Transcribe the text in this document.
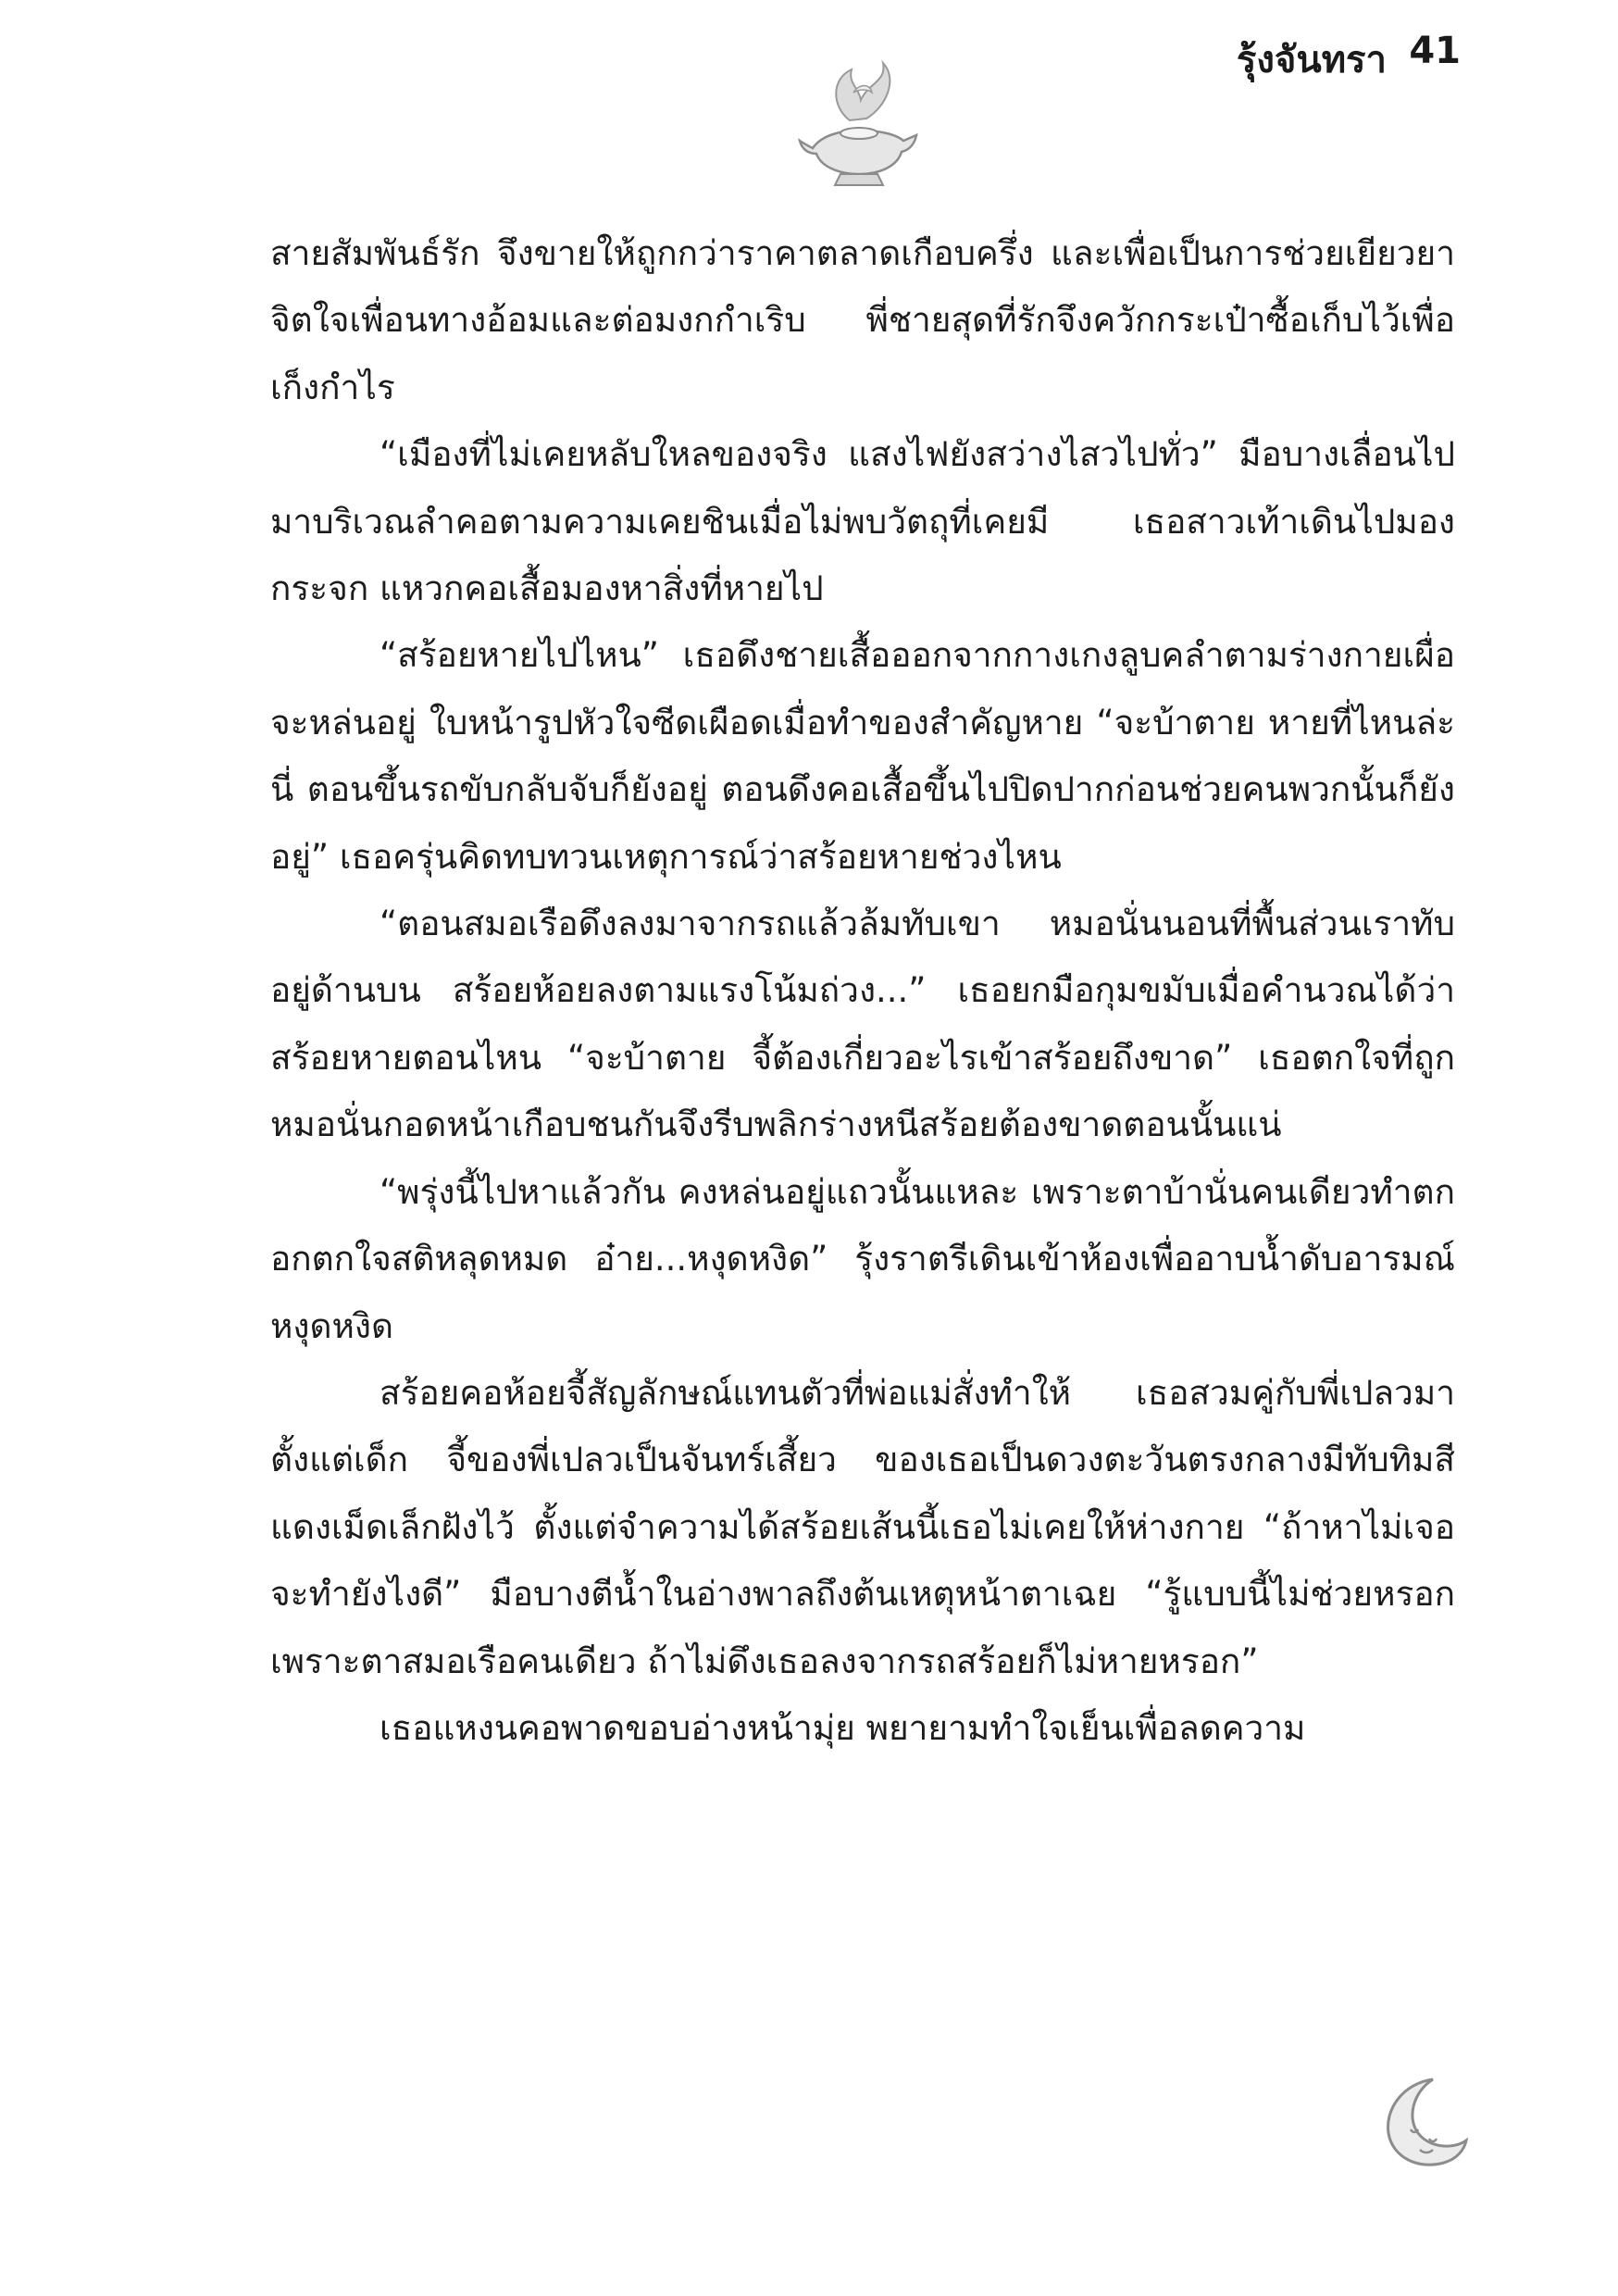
สายสัมพันธ์รัก จึงขายให้ถูกกว่าราคาตลาดเกือบครึ่ง และเพื่อเป็นการช่วยเยียวยาจิตใจเพื่อนทางอ้อมและต่อมงกกำเริบ พี่ชายสุดที่รักจึงควักกระเป๋าซื้อเก็บไว้เพื่อเก็งกำไร

“เมืองที่ไม่เคยหลับใหลของจริง แสงไฟยังสว่างไสวไปทั่ว” มือบางเลื่อนไปมาบริเวณลำคอตามความเคยชินเมื่อไม่พบวัตถุที่เคยมี เธอสาวเท้าเดินไปมองกระจก แหวกคอเสื้อมองหาสิ่งที่หายไป

“สร้อยหายไปไหน” เธอดึงชายเสื้อออกจากกางเกงลูบคลำตามร่างกายเผื่อจะหล่นอยู่ ใบหน้ารูปหัวใจซีดเผือดเมื่อทำของสำคัญหาย “จะบ้าตาย หายที่ไหนล่ะนี่ ตอนขึ้นรถขับกลับจับก็ยังอยู่ ตอนดึงคอเสื้อขึ้นไปปิดปากก่อนช่วยคนพวกนั้นก็ยังอยู่” เธอครุ่นคิดทบทวนเหตุการณ์ว่าสร้อยหายช่วงไหน

“ตอนสมอเรือดึงลงมาจากรถแล้วล้มทับเขา หมอนั่นนอนที่พื้นส่วนเราทับอยู่ด้านบน สร้อยห้อยลงตามแรงโน้มถ่วง...” เธอยกมือกุมขมับเมื่อคำนวณได้ว่าสร้อยหายตอนไหน “จะบ้าตาย จี้ต้องเกี่ยวอะไรเข้าสร้อยถึงขาด” เธอตกใจที่ถูกหมอนั่นกอดหน้าเกือบชนกันจึงรีบพลิกร่างหนีสร้อยต้องขาดตอนนั้นแน่

“พรุ่งนี้ไปหาแล้วกัน คงหล่นอยู่แถวนั้นแหละ เพราะตาบ้านั่นคนเดียวทำตกอกตกใจสติหลุดหมด อ๋าย...หงุดหงิด” รุ้งราตรีเดินเข้าห้องเพื่ออาบน้ำดับอารมณ์หงุดหงิด

สร้อยคอห้อยจี้สัญลักษณ์แทนตัวที่พ่อแม่สั่งทำให้ เธอสวมคู่กับพี่เปลวมาตั้งแต่เด็ก จี้ของพี่เปลวเป็นจันทร์เสี้ยว ของเธอเป็นดวงตะวันตรงกลางมีทับทิมสีแดงเม็ดเล็กฝังไว้ ตั้งแต่จำความได้สร้อยเส้นนี้เธอไม่เคยให้ห่างกาย “ถ้าหาไม่เจอจะทำยังไงดี” มือบางตีน้ำในอ่างพาลถึงต้นเหตุหน้าตาเฉย “รู้แบบนี้ไม่ช่วยหรอก เพราะตาสมอเรือคนเดียว ถ้าไม่ดึงเธอลงจากรถสร้อยก็ไม่หายหรอก”

เธอแหงนคอพาดขอบอ่างหน้ามุ่ย พยายามทำใจเย็นเพื่อลดความ

รุ้งจันทรา 41
